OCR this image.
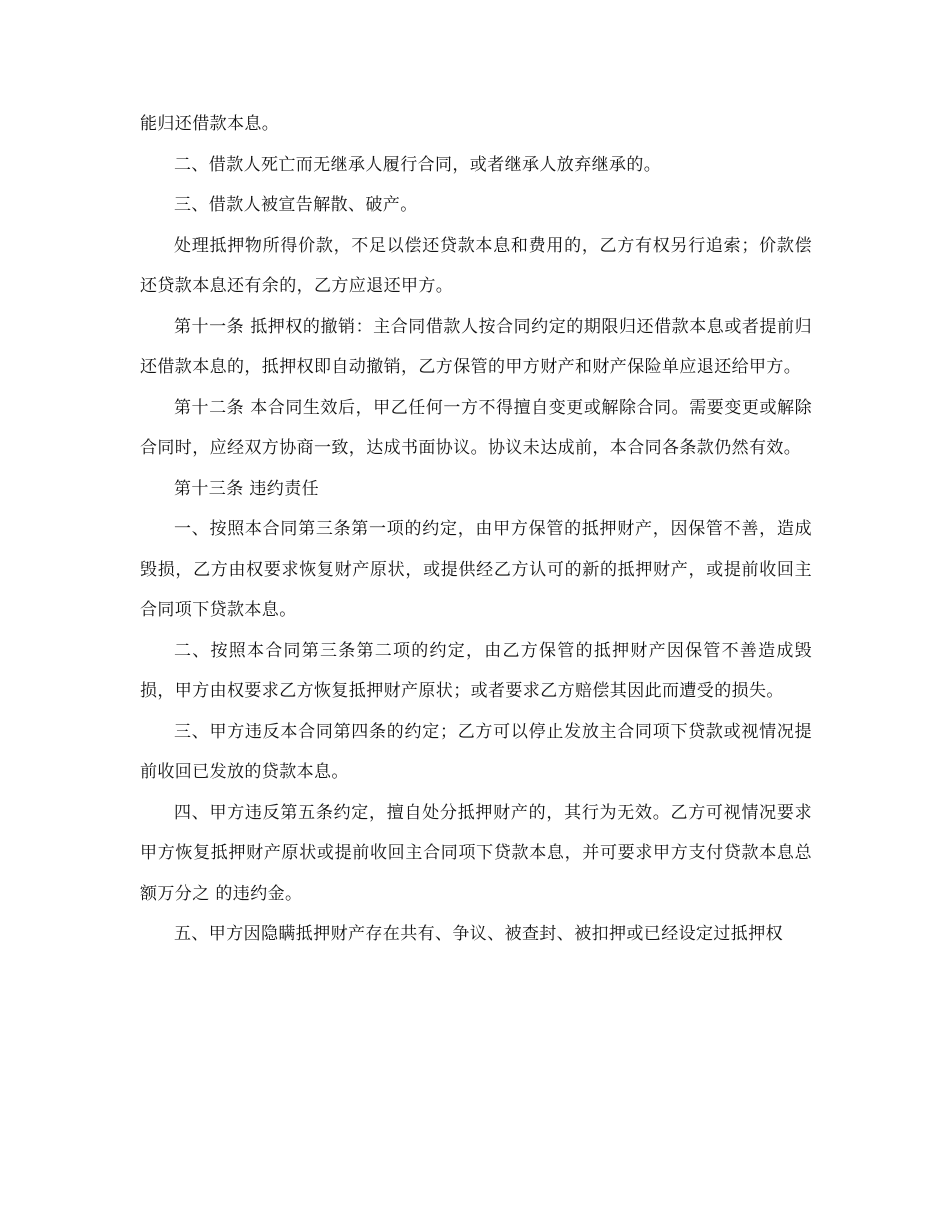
能归还借款本息。

二、借款人死亡而无继承人履行合同，或者继承人放弃继承的。

三、借款人被宣告解散、破产。

处理抵押物所得价款，不足以偿还贷款本息和费用的，乙方有权另行追索；价款偿还贷款本息还有余的，乙方应退还甲方。

第十一条 抵押权的撤销：主合同借款人按合同约定的期限归还借款本息或者提前归还借款本息的，抵押权即自动撤销，乙方保管的甲方财产和财产保险单应退还给甲方。

第十二条 本合同生效后，甲乙任何一方不得擅自变更或解除合同。需要变更或解除合同时，应经双方协商一致，达成书面协议。协议未达成前，本合同各条款仍然有效。

第十三条 违约责任

一、按照本合同第三条第一项的约定，由甲方保管的抵押财产，因保管不善，造成毁损，乙方由权要求恢复财产原状，或提供经乙方认可的新的抵押财产，或提前收回主合同项下贷款本息。

二、按照本合同第三条第二项的约定，由乙方保管的抵押财产因保管不善造成毁损，甲方由权要求乙方恢复抵押财产原状；或者要求乙方赔偿其因此而遭受的损失。

三、甲方违反本合同第四条的约定；乙方可以停止发放主合同项下贷款或视情况提前收回已发放的贷款本息。

四、甲方违反第五条约定，擅自处分抵押财产的，其行为无效。乙方可视情况要求甲方恢复抵押财产原状或提前收回主合同项下贷款本息，并可要求甲方支付贷款本息总额万分之 的违约金。

五、甲方因隐瞒抵押财产存在共有、争议、被查封、被扣押或已经设定过抵押权
